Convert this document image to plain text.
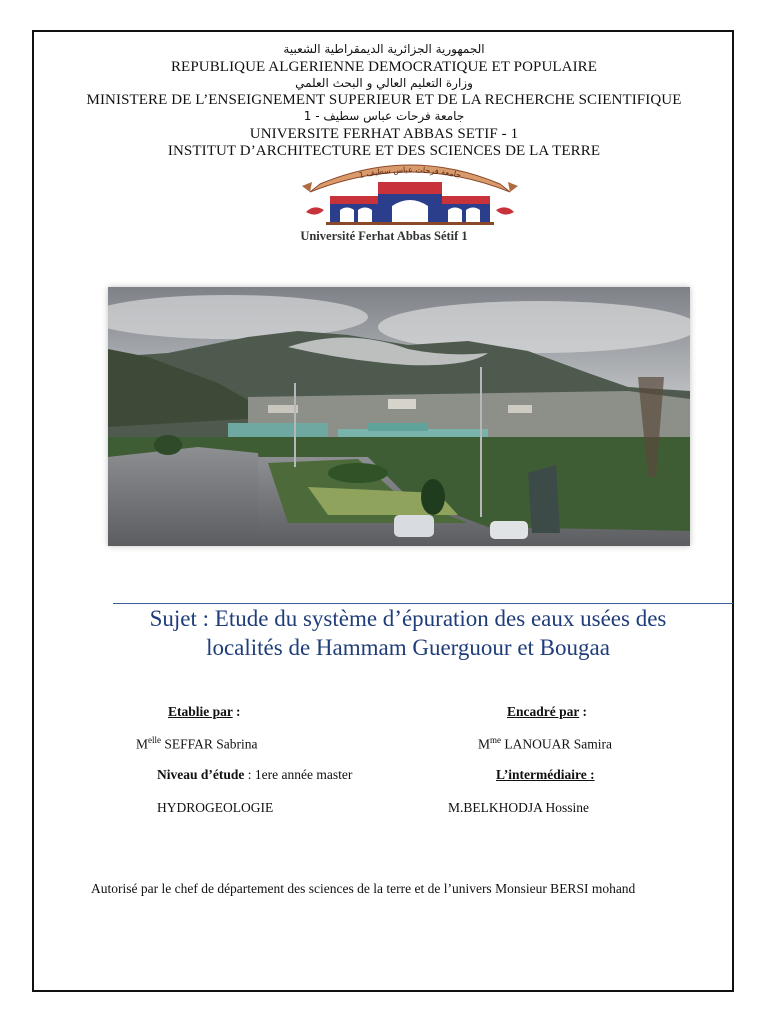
الجمهورية الجزائرية الديمقراطية الشعبية
REPUBLIQUE ALGERIENNE DEMOCRATIQUE ET POPULAIRE
وزارة التعليم العالي و البحث العلمي
MINISTERE DE L’ENSEIGNEMENT SUPERIEUR ET DE LA RECHERCHE SCIENTIFIQUE
جامعة فرحات عباس سطيف - 1
UNIVERSITE FERHAT ABBAS SETIF - 1
INSTITUT D’ARCHITECTURE ET DES SCIENCES DE LA TERRE
جامعة فرحات عباس سطيف 1
Université Ferhat Abbas Sétif 1
Sujet : Etude du système d’épuration des eaux usées des
localités de Hammam Guerguour et Bougaa
Etablie par :
$M^{elle}$ SEFFAR Sabrina
Niveau d’étude : 1ere année master
HYDROGEOLOGIE
Encadré par :
$M^{me}$ LANOUAR Samira
L’intermédiaire :
M.BELKHODJA Hossine
Autorisé par le chef de département des sciences de la terre et de l’univers Monsieur BERSI mohand
